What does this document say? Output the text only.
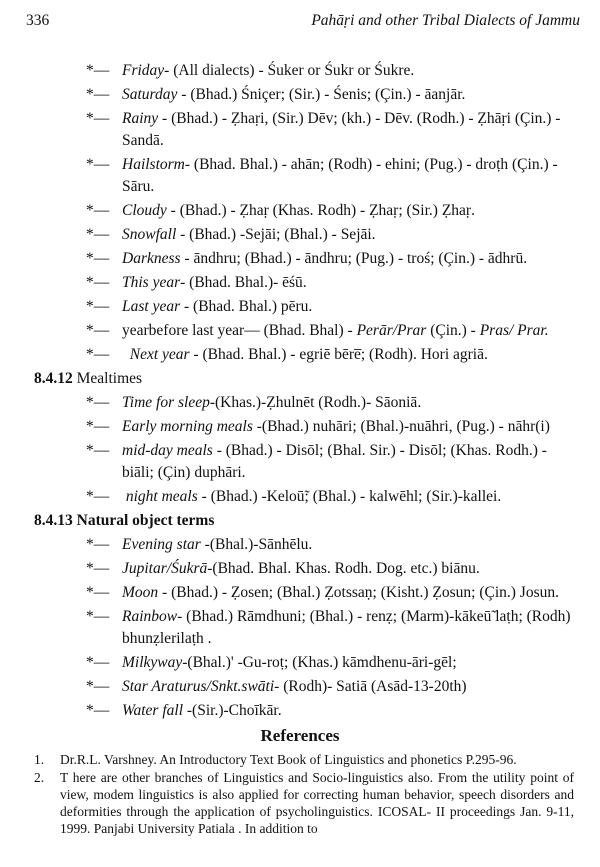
336	Pahāṛi and other Tribal Dialects of Jammu
*— Friday- (All dialects) - Śuker or Śukr or Śukre.
*— Saturday - (Bhad.) Śniçer; (Sir.) - Śenis; (Çin.) - āanjār.
*— Rainy - (Bhad.) - Ẓhaṛi, (Sir.) Dēv; (kh.) - Dēv. (Rodh.) - Ẓhāṛi (Çin.) - Sandā.
*— Hailstorm- (Bhad. Bhal.) - ahān; (Rodh) - ehini; (Pug.) - droṭh (Çin.) - Sāru.
*— Cloudy - (Bhad.) - Ẓhaṛ (Khas. Rodh) - Ẓhaṛ; (Sir.) Ẓhaṛ.
*— Snowfall - (Bhad.) -Sejāi; (Bhal.) - Sejāi.
*— Darkness - āndhru; (Bhad.) - āndhru; (Pug.) - troś; (Çin.) - ādhrū.
*— This year- (Bhad. Bhal.)- ēśū.
*— Last year - (Bhad. Bhal.) pēru.
*— yearbefore last year— (Bhad. Bhal) - Perār/Prar (Çin.) - Pras/ Prar.
*— Next year - (Bhad. Bhal.) - egriē bēre̅; (Rodh). Hori agriā.
8.4.12 Mealtimes
*— Time for sleep-(Khas.)-Ẓhulnēt (Rodh.)- Sāoniā.
*— Early morning meals -(Bhad.) nuhāri; (Bhal.)-nuāhri, (Pug.) - nāhr(i)
*— mid-day meals - (Bhad.) - Disōl; (Bhal. Sir.) - Disōl; (Khas. Rodh.) - biāli; (Çin) duphāri.
*— night meals - (Bhad.) -Keloū̃; (Bhal.) - kalwēhl; (Sir.)-kallei.
8.4.13 Natural object terms
*— Evening star -(Bhal.)-Sānhēlu.
*— Jupitar/Śukrā-(Bhad. Bhal. Khas. Rodh. Dog. etc.) biānu.
*— Moon - (Bhad.) - Ẓosen; (Bhal.) Ẓotssaṇ; (Kisht.) Ẓosun; (Çin.) Josun.
*— Rainbow- (Bhad.) Rāmdhuni; (Bhal.) - renẓ; (Marm)-kākeū̃ laṭh; (Rodh) bhunẓlerilaṭh .
*— Milkyway-(Bhal.)' -Gu-roṭ; (Khas.) kāmdhenu-āri-gēl;
*— Star Araturus/Snkt.swāti- (Rodh)- Satiā (Asād-13-20th)
*— Water fall -(Sir.)-Choīkār.
References
1. Dr.R.L. Varshney. An Introductory Text Book of Linguistics and phonetics P.295-96.
2. T here are other branches of Linguistics and Socio-linguistics also. From the utility point of view, modem linguistics is also applied for correcting human behavior, speech disorders and deformities through the application of psycholinguistics. ICOSAL- II proceedings Jan. 9-11, 1999. Panjabi University Patiala . In addition to
